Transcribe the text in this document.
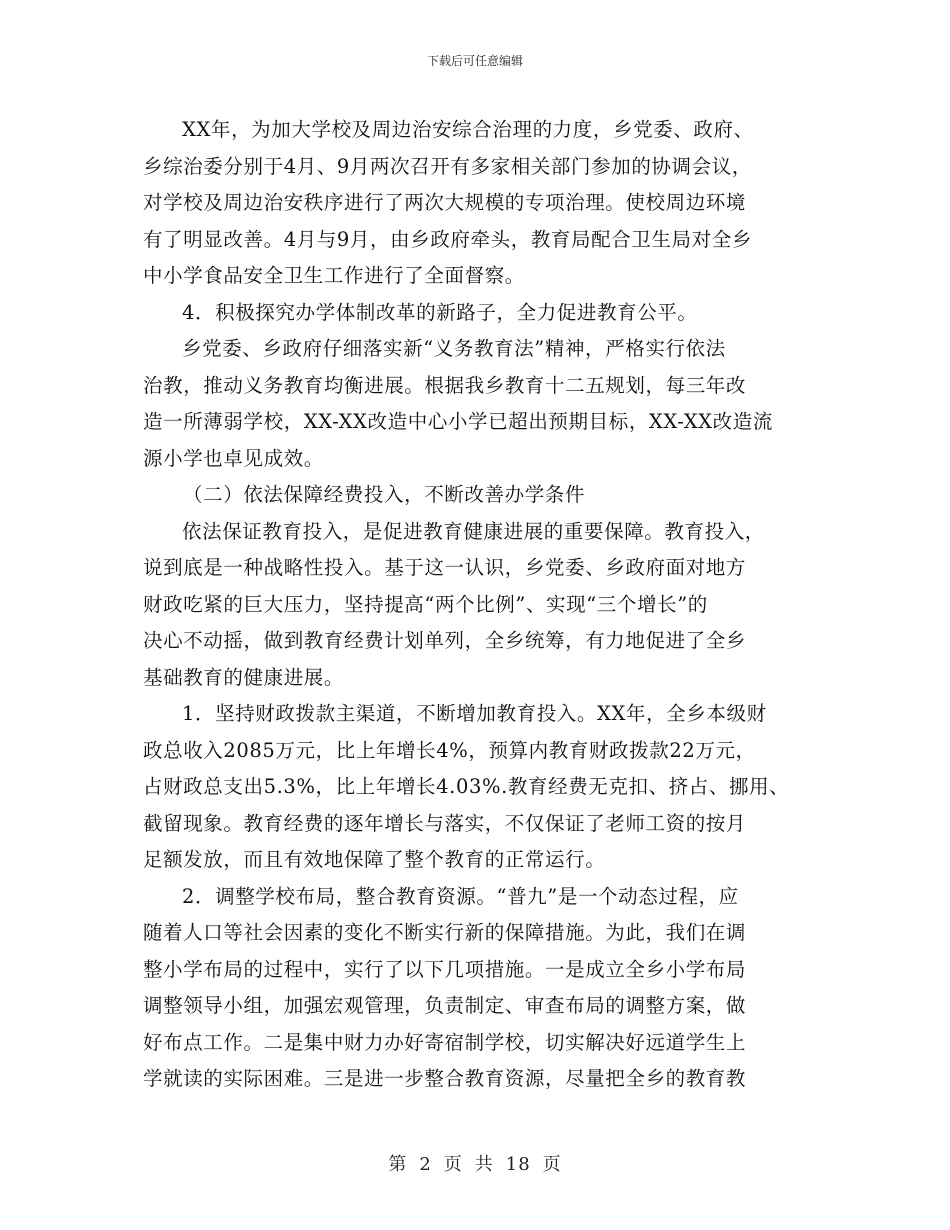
下载后可任意编辑
XX年，为加大学校及周边治安综合治理的力度，乡党委、政府、
乡综治委分别于4月、9月两次召开有多家相关部门参加的协调会议，
对学校及周边治安秩序进行了两次大规模的专项治理。使校周边环境
有了明显改善。4月与9月，由乡政府牵头，教育局配合卫生局对全乡
中小学食品安全卫生工作进行了全面督察。
4．积极探究办学体制改革的新路子，全力促进教育公平。
乡党委、乡政府仔细落实新“义务教育法”精神，严格实行依法
治教，推动义务教育均衡进展。根据我乡教育十二五规划，每三年改
造一所薄弱学校，XX-XX改造中心小学已超出预期目标，XX-XX改造流
源小学也卓见成效。
（二）依法保障经费投入，不断改善办学条件
依法保证教育投入，是促进教育健康进展的重要保障。教育投入，
说到底是一种战略性投入。基于这一认识，乡党委、乡政府面对地方
财政吃紧的巨大压力，坚持提高“两个比例”、实现“三个增长”的
决心不动摇，做到教育经费计划单列，全乡统筹，有力地促进了全乡
基础教育的健康进展。
1．坚持财政拨款主渠道，不断增加教育投入。XX年，全乡本级财
政总收入2085万元，比上年增长4%，预算内教育财政拨款22万元，
占财政总支出5.3%，比上年增长4.03%.教育经费无克扣、挤占、挪用、
截留现象。教育经费的逐年增长与落实，不仅保证了老师工资的按月
足额发放，而且有效地保障了整个教育的正常运行。
2．调整学校布局，整合教育资源。“普九”是一个动态过程，应
随着人口等社会因素的变化不断实行新的保障措施。为此，我们在调
整小学布局的过程中，实行了以下几项措施。一是成立全乡小学布局
调整领导小组，加强宏观管理，负责制定、审查布局的调整方案，做
好布点工作。二是集中财力办好寄宿制学校，切实解决好远道学生上
学就读的实际困难。三是进一步整合教育资源，尽量把全乡的教育教
第 2 页 共 18 页
